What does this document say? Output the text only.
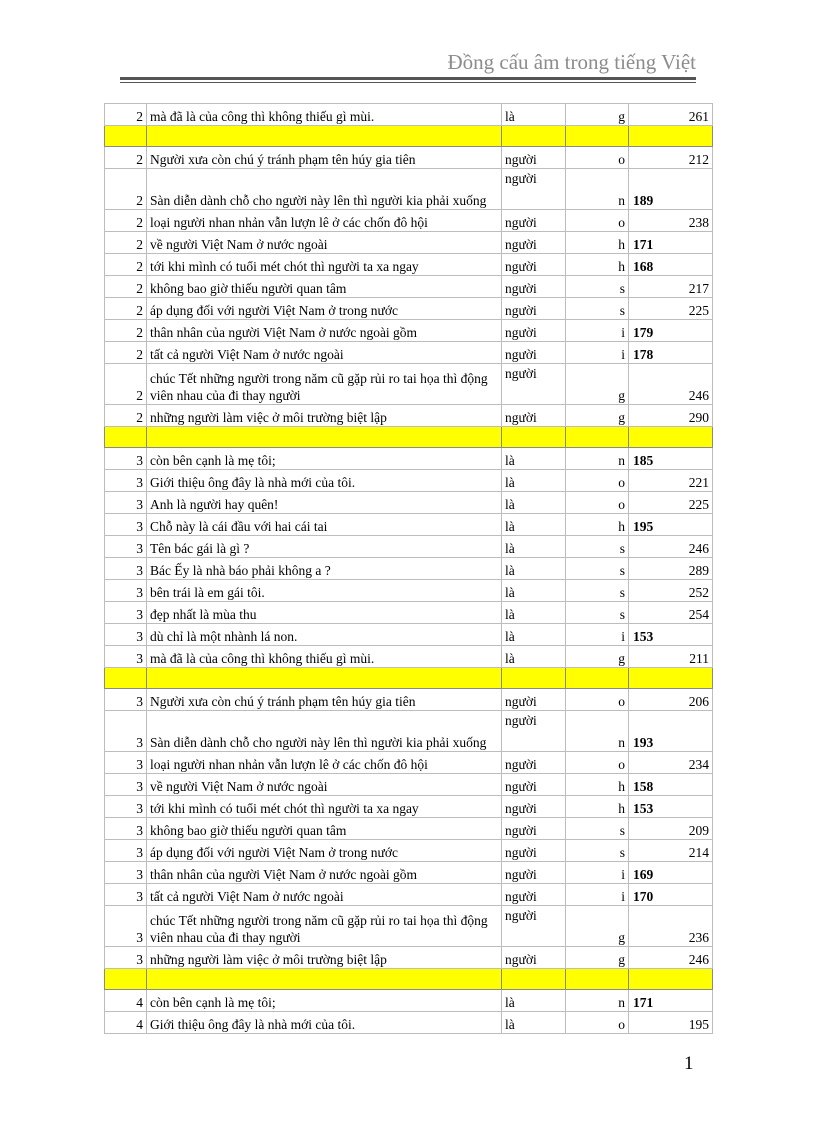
Đồng cấu âm trong tiếng Việt
2	mà đã là của công thì không thiếu gì mùi.	là	g	261

2	Người xưa còn chú ý tránh phạm tên húy gia tiên	người	o	212
2	Sàn diễn dành chỗ cho người này lên thì người kia phải xuống	người	n	189
2	loại người nhan nhản vẫn lượn lê ở các chốn đô hội	người	o	238
2	về người Việt Nam ở nước ngoài	người	h	171
2	tới khi mình có tuổi mét chót thì người ta xa ngay	người	h	168
2	không bao giờ thiếu người quan tâm	người	s	217
2	áp dụng đối với người Việt Nam ở trong nước	người	s	225
2	thân nhân của người Việt Nam ở nước ngoài gồm	người	i	179
2	tất cả người Việt Nam ở nước ngoài	người	i	178
2	chúc Tết những người trong năm cũ gặp rủi ro tai họa thì động viên nhau của đi thay người	người	g	246
2	những người làm việc ở môi trường biệt lập	người	g	290

3	còn bên cạnh là mẹ tôi;	là	n	185
3	Giới thiệu ông đây là nhà mới của tôi.	là	o	221
3	Anh là người hay quên!	là	o	225
3	Chỗ này là cái đầu với hai cái tai	là	h	195
3	Tên bác gái là gì ?	là	s	246
3	Bác Ếy là nhà báo phải không a ?	là	s	289
3	bên trái là em gái tôi.	là	s	252
3	đẹp nhất là mùa thu	là	s	254
3	dù chỉ là một nhành lá non.	là	i	153
3	mà đã là của công thì không thiếu gì mùi.	là	g	211

3	Người xưa còn chú ý tránh phạm tên húy gia tiên	người	o	206
3	Sàn diễn dành chỗ cho người này lên thì người kia phải xuống	người	n	193
3	loại người nhan nhản vẫn lượn lê ở các chốn đô hội	người	o	234
3	về người Việt Nam ở nước ngoài	người	h	158
3	tới khi mình có tuổi mét chót thì người ta xa ngay	người	h	153
3	không bao giờ thiếu người quan tâm	người	s	209
3	áp dụng đối với người Việt Nam ở trong nước	người	s	214
3	thân nhân của người Việt Nam ở nước ngoài gồm	người	i	169
3	tất cả người Việt Nam ở nước ngoài	người	i	170
3	chúc Tết những người trong năm cũ gặp rủi ro tai họa thì động viên nhau của đi thay người	người	g	236
3	những người làm việc ở môi trường biệt lập	người	g	246

4	còn bên cạnh là mẹ tôi;	là	n	171
4	Giới thiệu ông đây là nhà mới của tôi.	là	o	195
1
